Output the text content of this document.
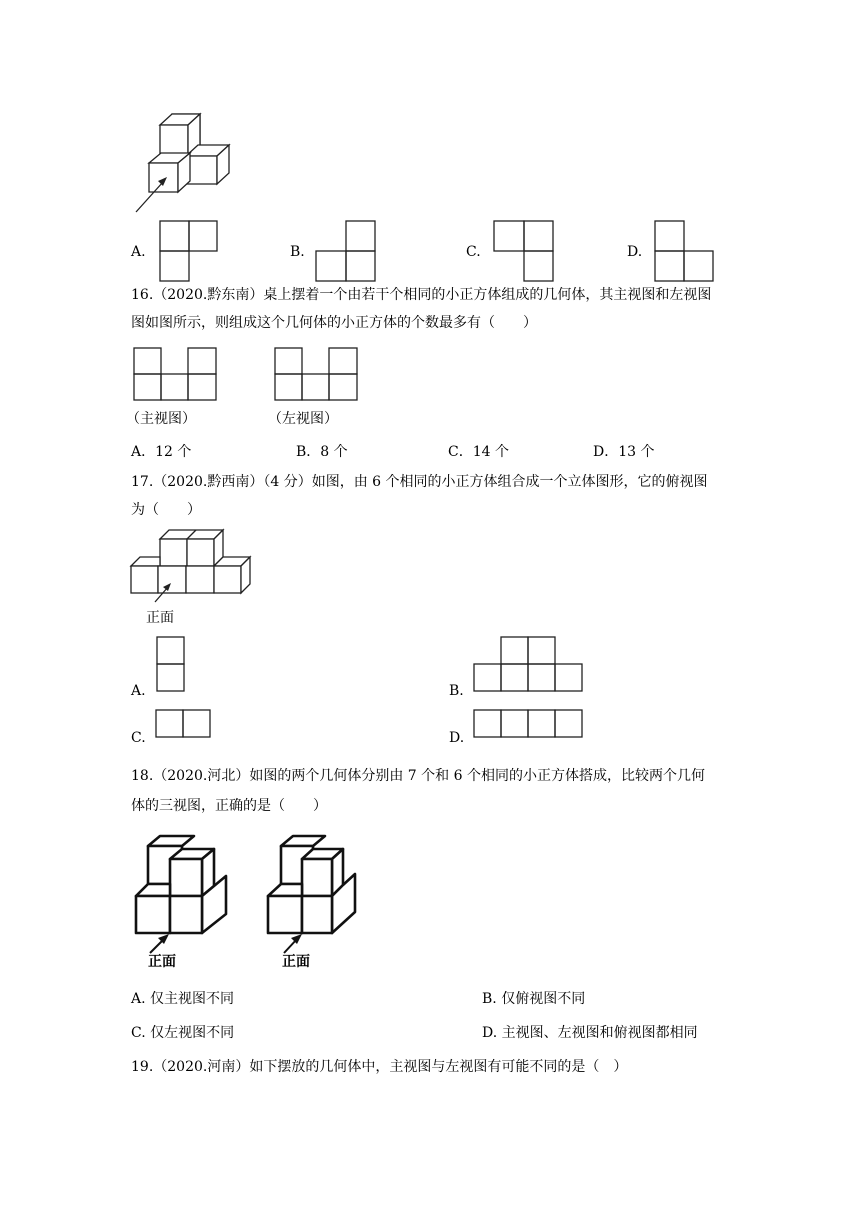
A.	B.	C.	D.
16.（2020.黔东南）桌上摆着一个由若干个相同的小正方体组成的几何体，其主视图和左视图
图如图所示，则组成这个几何体的小正方体的个数最多有（　　）
（主视图）	（左视图）
A．12 个	B．8 个	C．14 个	D．13 个
17.（2020.黔西南）（4 分）如图，由 6 个相同的小正方体组合成一个立体图形，它的俯视图
为（　　）
正面
A.	B.
C.	D.
18.（2020.河北）如图的两个几何体分别由 7 个和 6 个相同的小正方体搭成，比较两个几何
体的三视图，正确的是（　　）
正面	正面
A. 仅主视图不同	B. 仅俯视图不同
C. 仅左视图不同	D. 主视图、左视图和俯视图都相同
19.（2020.河南）如下摆放的几何体中，主视图与左视图有可能不同的是（　）
